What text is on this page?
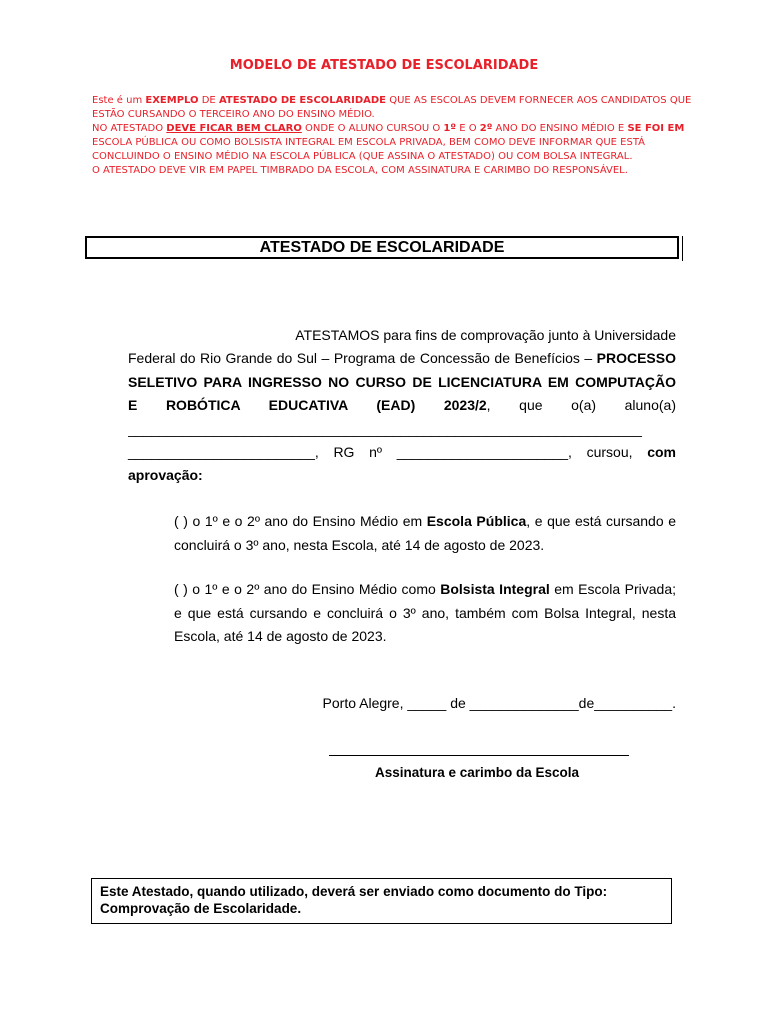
MODELO DE ATESTADO DE ESCOLARIDADE

Este é um EXEMPLO DE ATESTADO DE ESCOLARIDADE QUE AS ESCOLAS DEVEM FORNECER AOS CANDIDATOS QUE ESTÃO CURSANDO O TERCEIRO ANO DO ENSINO MÉDIO.

NO ATESTADO DEVE FICAR BEM CLARO ONDE O ALUNO CURSOU O 1º E O 2º ANO DO ENSINO MÉDIO E SE FOI EM ESCOLA PÚBLICA OU COMO BOLSISTA INTEGRAL EM ESCOLA PRIVADA, BEM COMO DEVE INFORMAR QUE ESTÁ CONCLUINDO O ENSINO MÉDIO NA ESCOLA PÚBLICA (QUE ASSINA O ATESTADO) OU COM BOLSA INTEGRAL.

O ATESTADO DEVE VIR EM PAPEL TIMBRADO DA ESCOLA, COM ASSINATURA E CARIMBO DO RESPONSÁVEL.

ATESTADO DE ESCOLARIDADE
ATESTAMOS para fins de comprovação junto à Universidade
Federal do Rio Grande do Sul – Programa de Concessão de Benefícios – PROCESSO
SELETIVO PARA INGRESSO NO CURSO DE LICENCIATURA EM COMPUTAÇÃO
E ROBÓTICA EDUCATIVA (EAD) 2023/2, que o(a) aluno(a)
__________________________________________________________________
________________________, RG nº ______________________, cursou, com
aprovação:
( ) o 1º e o 2º ano do Ensino Médio em Escola Pública, e que está cursando e concluirá o 3º ano, nesta Escola, até 14 de agosto de 2023.
( ) o 1º e o 2º ano do Ensino Médio como Bolsista Integral em Escola Privada; e que está cursando e concluirá o 3º ano, também com Bolsa Integral, nesta Escola, até 14 de agosto de 2023.
Porto Alegre, _____ de ______________de__________.
Assinatura e carimbo da Escola
Este Atestado, quando utilizado, deverá ser enviado como documento do Tipo: Comprovação de Escolaridade.
